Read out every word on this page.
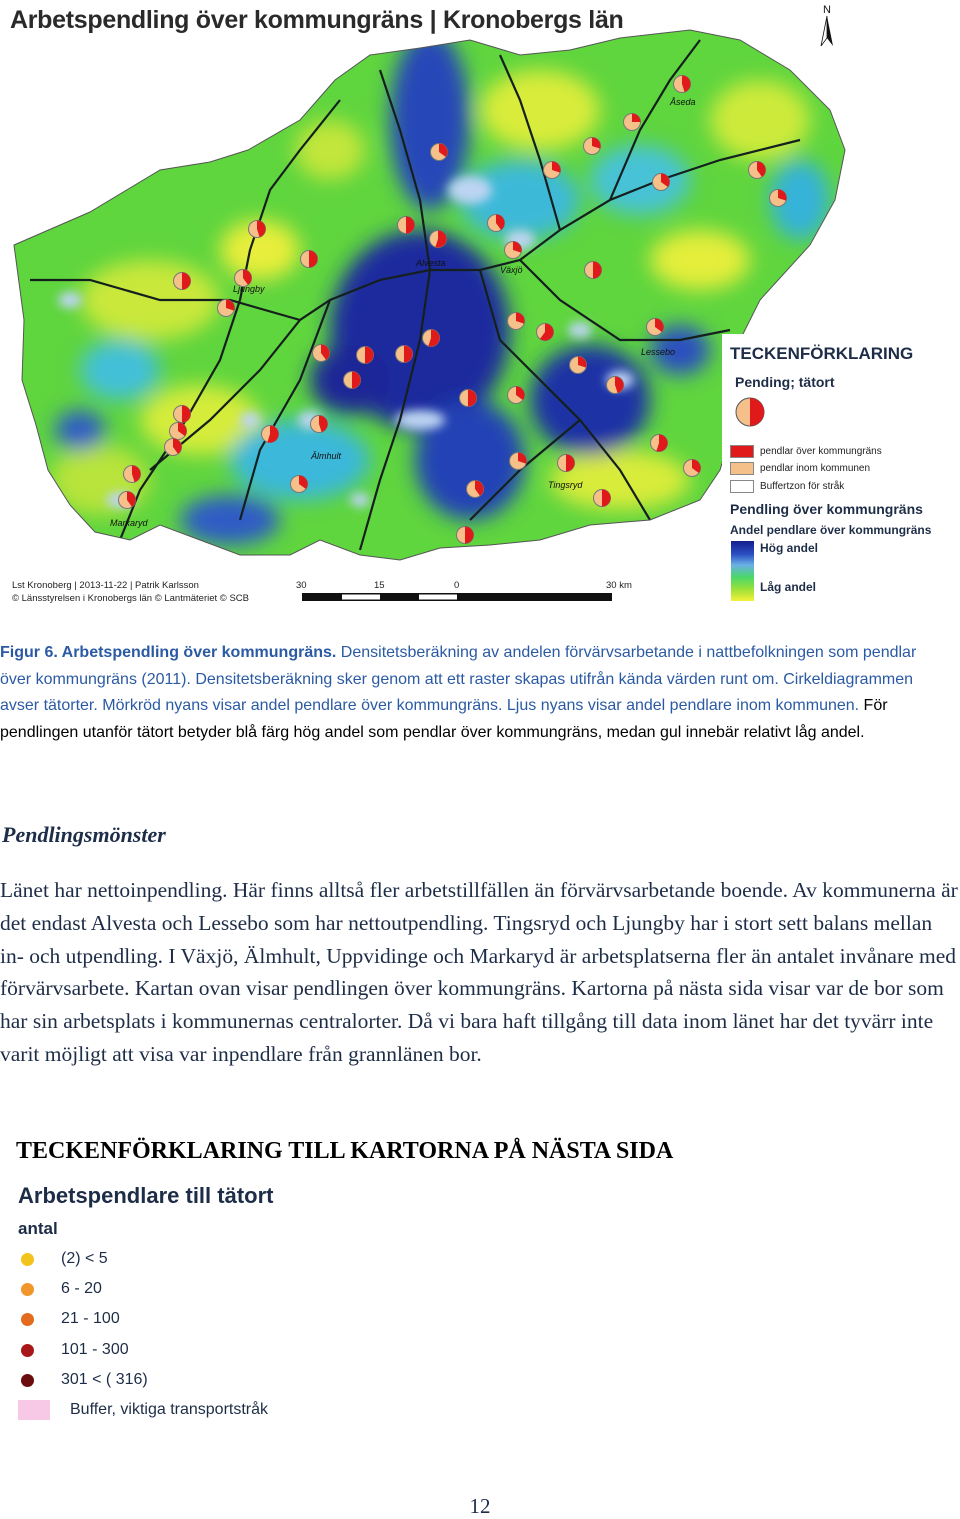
Åseda
Ljungby
Alvesta
Växjö
Lessebo
Älmhult
Tingsryd
Markaryd
Arbetspendling över kommungräns | Kronobergs län	N
TECKENFÖRKLARING
Pending; tätort
pendlar över kommungräns
pendlar inom kommunen
Buffertzon för stråk
Pendling över kommungräns
Andel pendlare över kommungräns
Hög andel
Låg andel
Lst Kronoberg | 2013-11-22 | Patrik Karlsson
© Länsstyrelsen i Kronobergs län © Lantmäteriet © SCB
30	15	0	30 km
Figur 6. Arbetspendling över kommungräns. Densitetsberäkning av andelen förvärvsarbetande i nattbefolkningen som pendlar över kommungräns (2011). Densitetsberäkning sker genom att ett raster skapas utifrån kända värden runt om. Cirkeldiagrammen avser tätorter. Mörkröd nyans visar andel pendlare över kommungräns. Ljus nyans visar andel pendlare inom kommunen. För pendlingen utanför tätort betyder blå färg hög andel som pendlar över kommungräns, medan gul innebär relativt låg andel.
Pendlingsmönster
Länet har nettoinpendling. Här finns alltså fler arbetstillfällen än förvärvsarbetande boende. Av kommunerna är det endast Alvesta och Lessebo som har nettoutpendling. Tingsryd och Ljungby har i stort sett balans mellan in- och utpendling. I Växjö, Älmhult, Uppvidinge och Markaryd är arbetsplatserna fler än antalet invånare med förvärvsarbete. Kartan ovan visar pendlingen över kommungräns. Kartorna på nästa sida visar var de bor som har sin arbetsplats i kommunernas centralorter. Då vi bara haft tillgång till data inom länet har det tyvärr inte varit möjligt att visa var inpendlare från grannlänen bor.
TECKENFÖRKLARING TILL KARTORNA PÅ NÄSTA SIDA
Arbetspendlare till tätort
antal
(2) < 5
6 - 20
21 - 100
101 - 300
301 < ( 316)
Buffer, viktiga transportstråk
12
